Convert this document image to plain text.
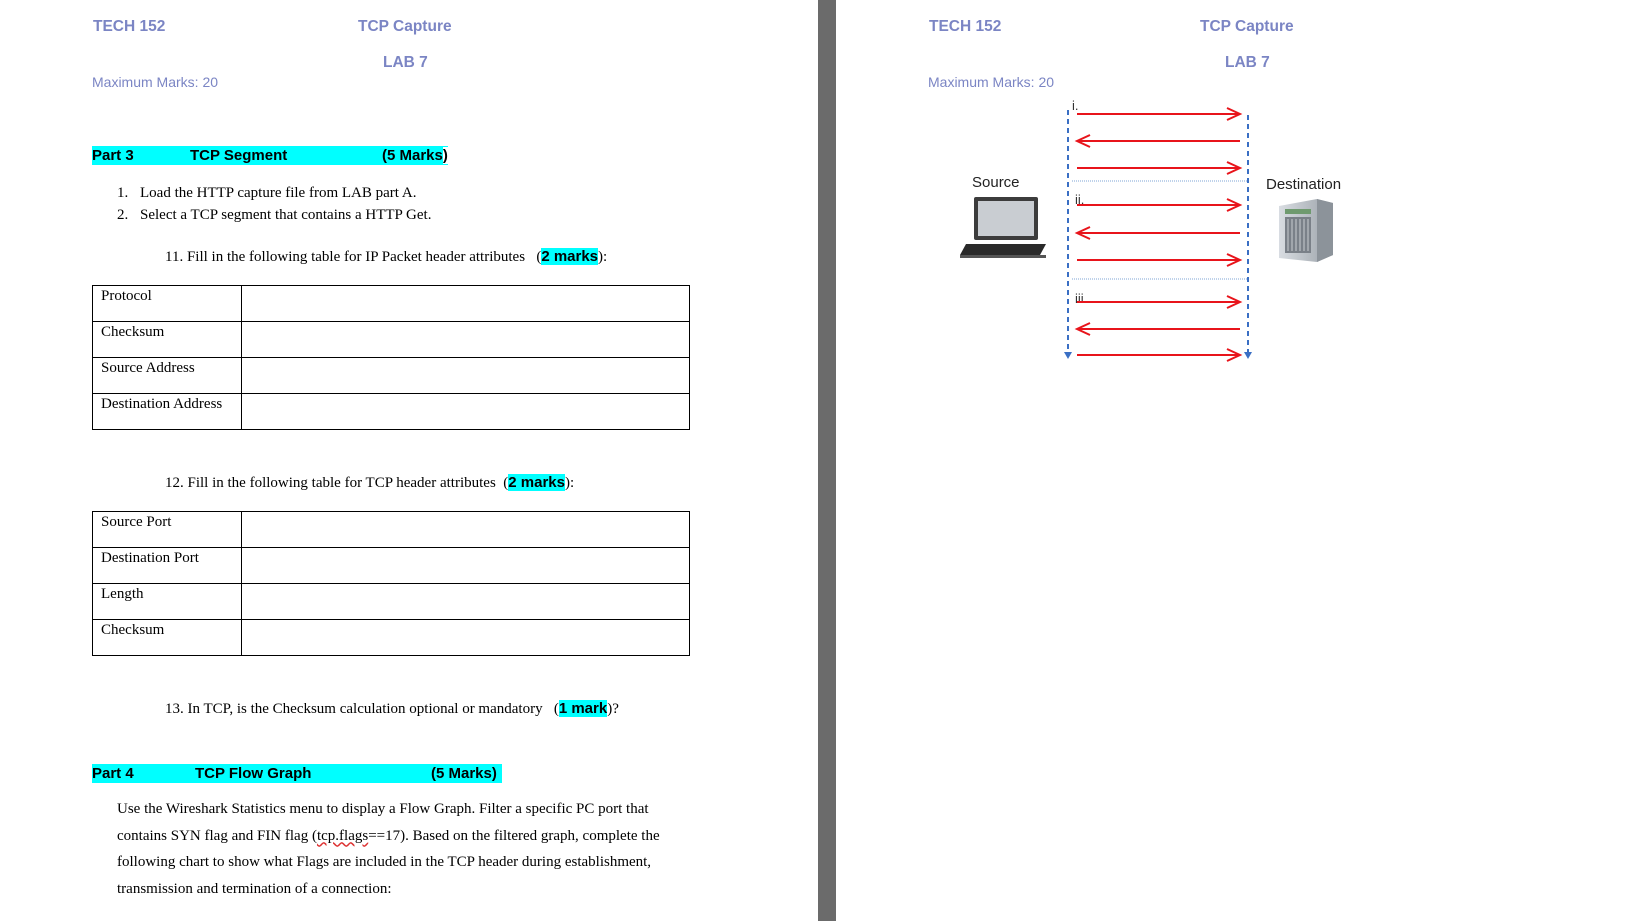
TECH 152	TCP Capture
LAB 7
Maximum Marks: 20
Part 3	TCP Segment	(5 Marks)
1. Load the HTTP capture file from LAB part A.
2. Select a TCP segment that contains a HTTP Get.
11. Fill in the following table for IP Packet header attributes (2 marks):
Protocol	
Checksum	
Source Address	
Destination Address	
12. Fill in the following table for TCP header attributes (2 marks):
Source Port	
Destination Port	
Length	
Checksum	
13. In TCP, is the Checksum calculation optional or mandatory (1 mark)?
Part 4	TCP Flow Graph	(5 Marks)
Use the Wireshark Statistics menu to display a Flow Graph. Filter a specific PC port that contains SYN flag and FIN flag (tcp.flags==17). Based on the filtered graph, complete the following chart to show what Flags are included in the TCP header during establishment, transmission and termination of a connection:
TECH 152	TCP Capture
LAB 7
Maximum Marks: 20
Source	Destination
i.
ii.
iii.
